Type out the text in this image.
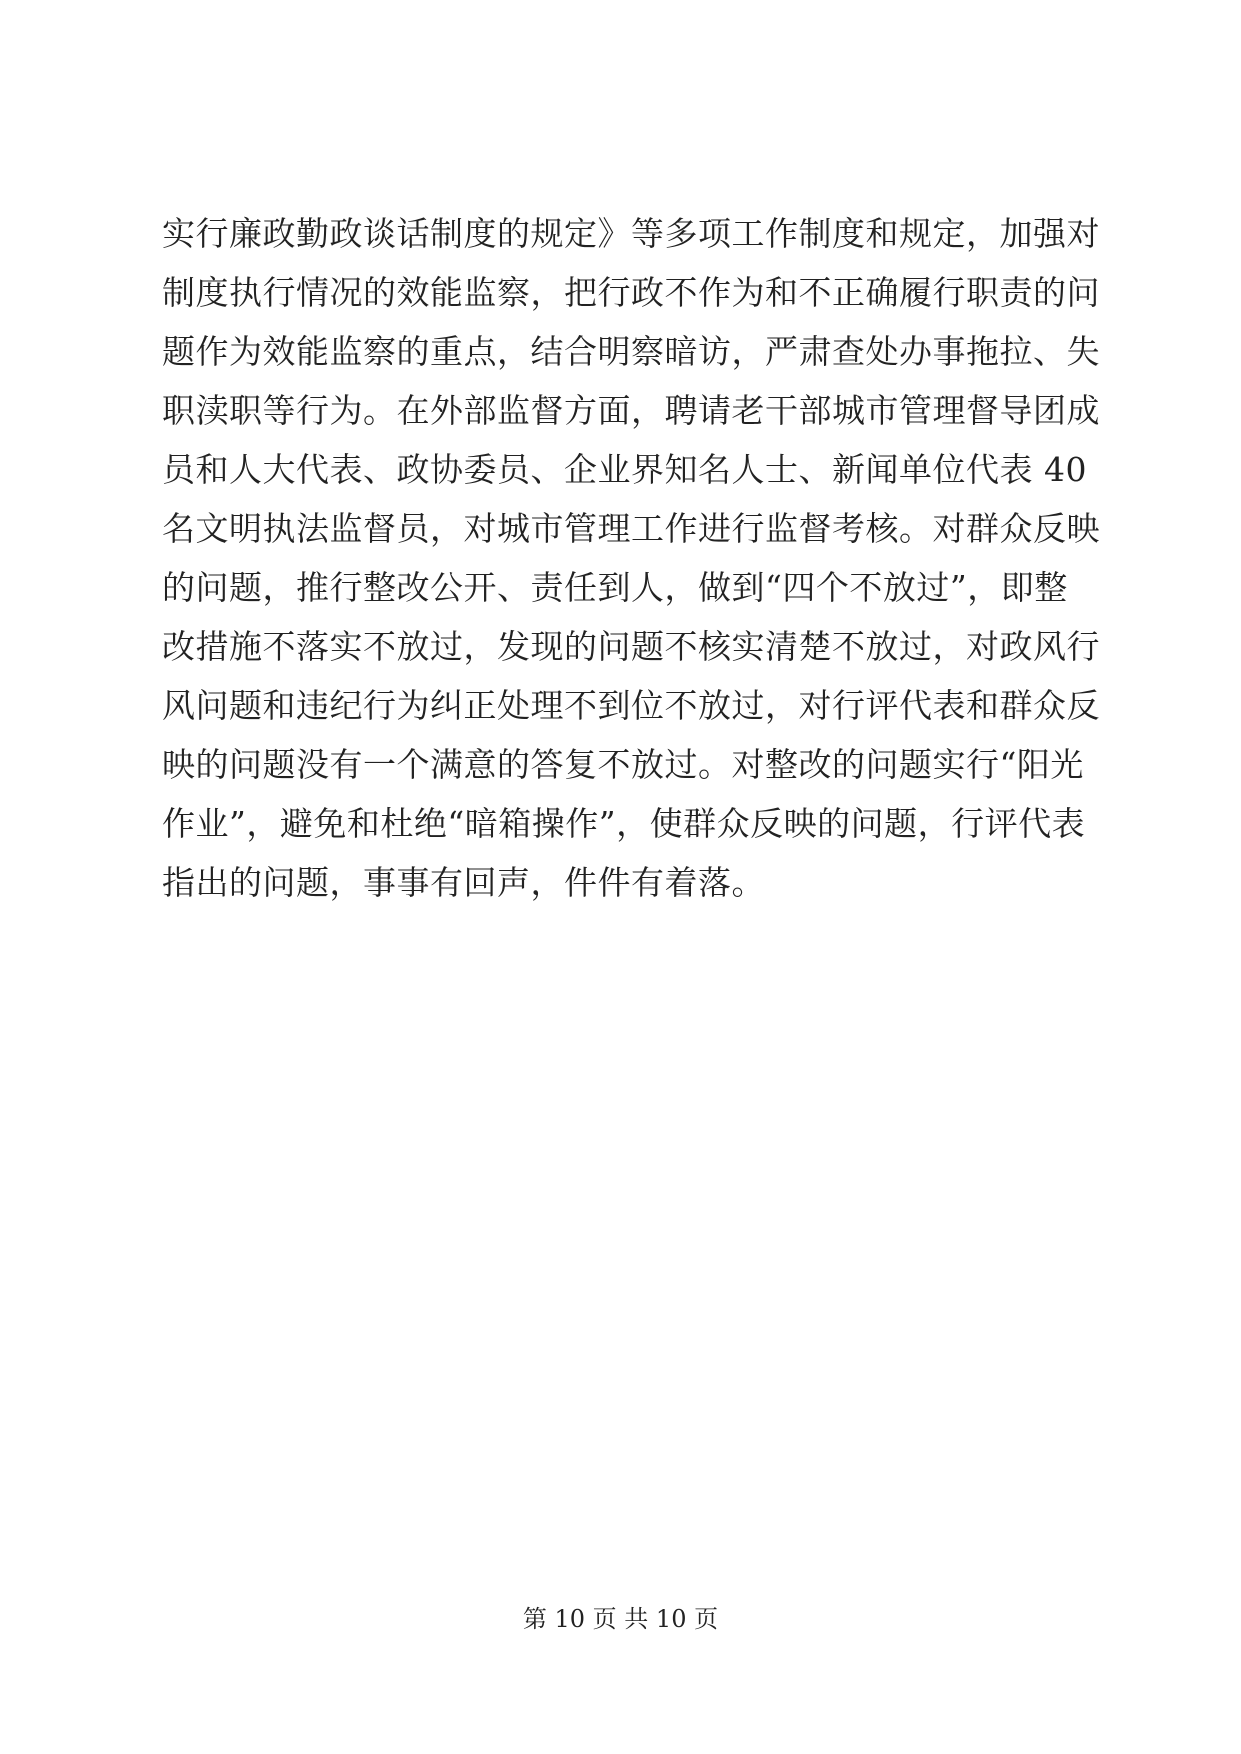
实行廉政勤政谈话制度的规定》等多项工作制度和规定，加强对
制度执行情况的效能监察，把行政不作为和不正确履行职责的问
题作为效能监察的重点，结合明察暗访，严肃查处办事拖拉、失
职渎职等行为。在外部监督方面，聘请老干部城市管理督导团成
员和人大代表、政协委员、企业界知名人士、新闻单位代表 40
名文明执法监督员，对城市管理工作进行监督考核。对群众反映
的问题，推行整改公开、责任到人，做到“四个不放过”，即整
改措施不落实不放过，发现的问题不核实清楚不放过，对政风行
风问题和违纪行为纠正处理不到位不放过，对行评代表和群众反
映的问题没有一个满意的答复不放过。对整改的问题实行“阳光
作业”，避免和杜绝“暗箱操作”，使群众反映的问题，行评代表
指出的问题，事事有回声，件件有着落。
第 10 页 共 10 页
